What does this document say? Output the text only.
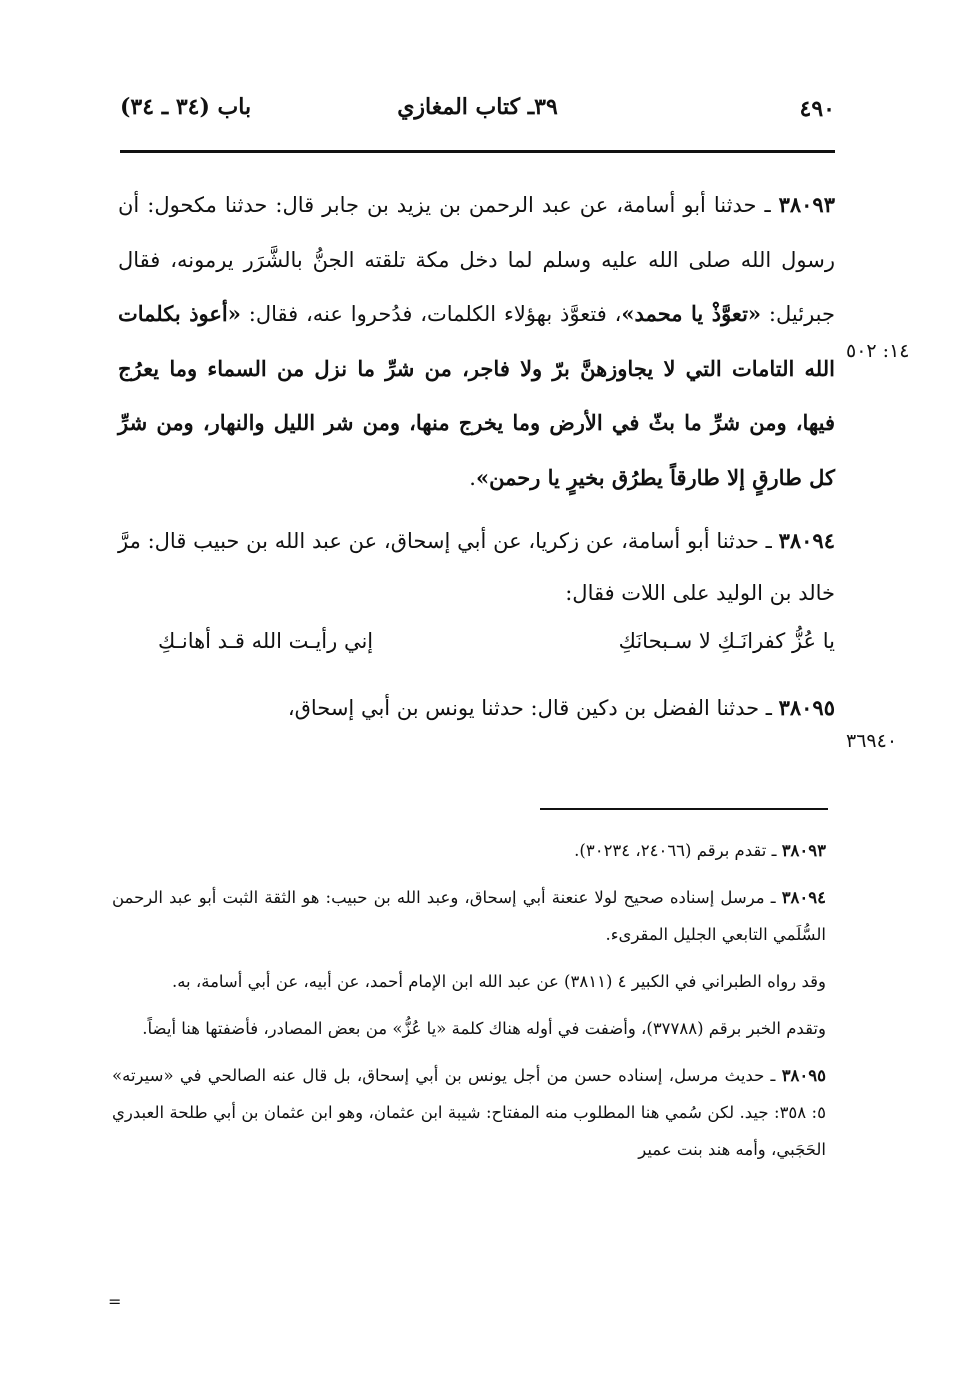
٤٩٠
٣٩ـ كتاب المغازي
باب (٣٤ ـ ٣٤)
١٤: ٥٠٢
٣٦٩٤٠

٣٨٠٩٣ ـ حدثنا أبو أسامة، عن عبد الرحمن بن يزيد بن جابر قال: حدثنا مكحول: أن رسول الله صلى الله عليه وسلم لما دخل مكة تلقته الجنُّ بالشَّرَر يرمونه، فقال جبرئيل: «تعوَّذْ يا محمد»، فتعوَّذ بهؤلاء الكلمات، فدُحروا عنه، فقال: «أعوذ بكلمات الله التامات التي لا يجاوزهنَّ برّ ولا فاجر، من شرِّ ما نزل من السماء وما يعرُج فيها، ومن شرِّ ما بثّ في الأرض وما يخرج منها، ومن شر الليل والنهار، ومن شرِّ كل طارقٍ إلا طارقاً يطرُق بخيرٍ يا رحمن».

٣٨٠٩٤ ـ حدثنا أبو أسامة، عن زكريا، عن أبي إسحاق، عن عبد الله بن حبيب قال: مرَّ خالد بن الوليد على اللات فقال:

يا عُزُّ كفرانَـكِ لا سـبحانَكِ
إني رأيـت الله قـد أهانـكِ

٣٨٠٩٥ ـ حدثنا الفضل بن دكين قال: حدثنا يونس بن أبي إسحاق،

٣٨٠٩٣ ـ تقدم برقم (٢٤٠٦٦، ٣٠٢٣٤).

٣٨٠٩٤ ـ مرسل إسناده صحيح لولا عنعنة أبي إسحاق، وعبد الله بن حبيب: هو الثقة الثبت أبو عبد الرحمن السُّلَمي التابعي الجليل المقرىء.

وقد رواه الطبراني في الكبير ٤ (٣٨١١) عن عبد الله ابن الإمام أحمد، عن أبيه، عن أبي أسامة، به.

وتقدم الخبر برقم (٣٧٧٨٨)، وأضفت في أوله هناك كلمة «يا عُزُّ» من بعض المصادر، فأضفتها هنا أيضاً.

٣٨٠٩٥ ـ حديث مرسل، إسناده حسن من أجل يونس بن أبي إسحاق، بل قال عنه الصالحي في «سيرته» ٥: ٣٥٨: جيد. لكن سُمي هنا المطلوب منه المفتاح: شيبة ابن عثمان، وهو ابن عثمان بن أبي طلحة العبدري الحَجَبي، وأمه هند بنت عمير

=
